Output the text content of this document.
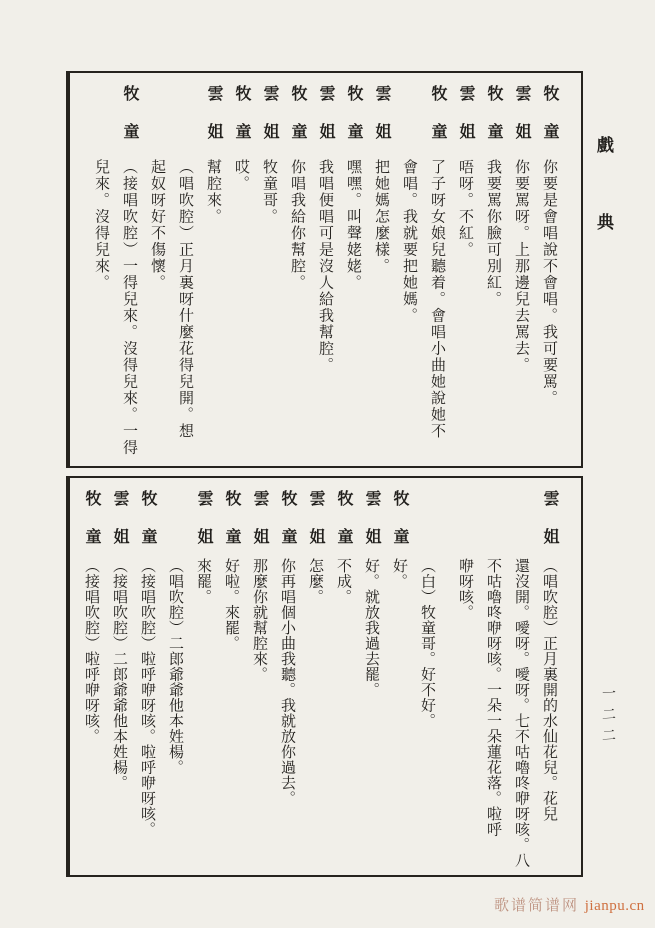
牧童
你要是會唱說不會唱。我可要罵。
雲姐
你要罵呀。上那邊兒去罵去。
牧童
我要罵你臉可別紅。
雲姐
唔呀。不紅。
牧童
了子呀女娘兒聽着。會唱小曲她說她不
會唱。我就要把她媽。
雲姐
把她媽怎麼樣。
牧童
嘿嘿。叫聲姥姥。
雲姐
我唱便唱可是沒人給我幫腔。
牧童
你唱我給你幫腔。
雲姐
牧童哥。
牧童
哎。
雲姐
幫腔來。
︵唱吹腔︶正月裏呀什麼花得兒開。想
起奴呀好不傷懷。
牧童
︵接唱吹腔︶一得兒來。沒得兒來。一得
兒來。沒得兒來。
雲姐
︵唱吹腔︶正月裏開的水仙花兒。花兒
還沒開。噯呀。噯呀。七不咕嚕咚咿呀咳。八
不咕嚕咚咿呀咳。一朵一朵蓮花落。啦呼
咿呀咳。
︵白︶牧童哥。好不好。
牧童
好。
雲姐
好。就放我過去罷。
牧童
不成。
雲姐
怎麼。
牧童
你再唱個小曲我聽。我就放你過去。
雲姐
那麼你就幫腔來。
牧童
好啦。來罷。
雲姐
來罷。
︵唱吹腔︶二郎爺爺他本姓楊。
牧童
︵接唱吹腔︶啦呼咿呀咳。啦呼咿呀咳。
雲姐
︵接唱吹腔︶二郎爺爺他本姓楊。
牧童
︵接唱吹腔︶啦呼咿呀咳。
戲典
一二二
歌谱简谱网 jianpu.cn
